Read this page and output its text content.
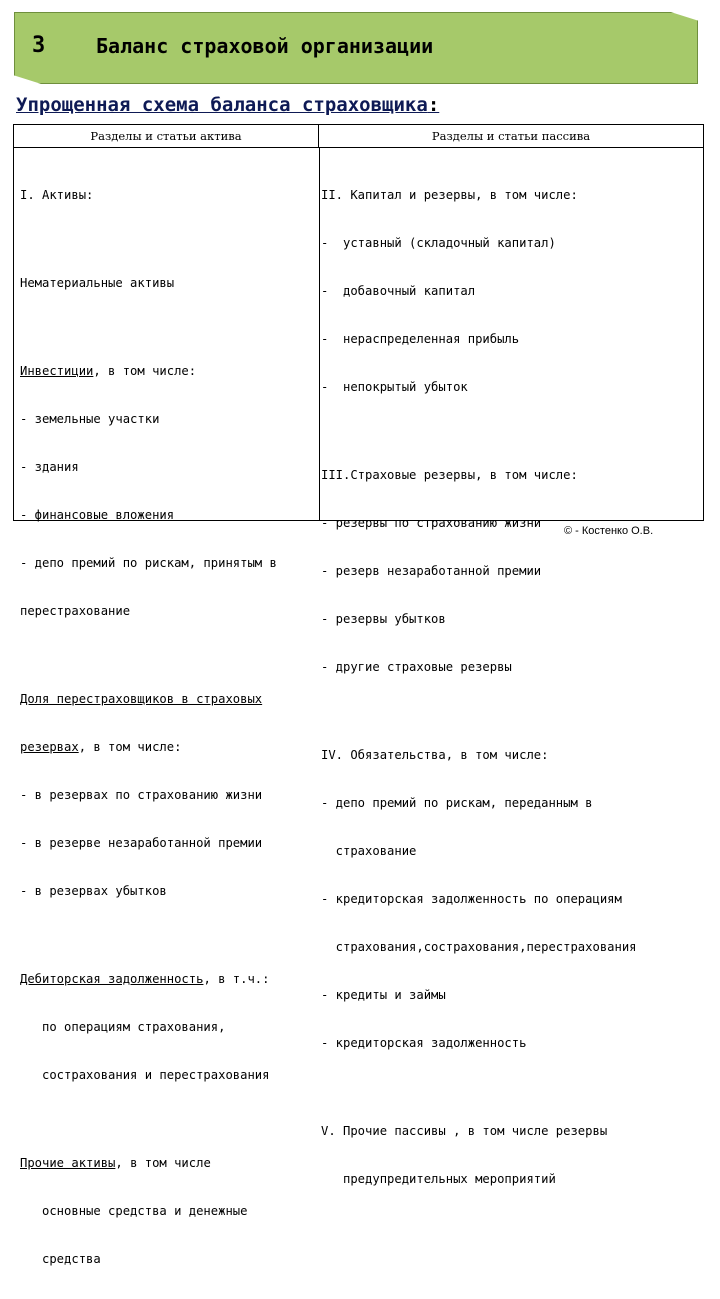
3	Баланс страховой организации
Упрощенная схема баланса страховщика:
Разделы и статьи актива	Разделы и статьи пассива

I. Активы:

Нематериальные активы

Инвестиции, в том числе:

- земельные участки

- здания

- финансовые вложения

- депо премий по рискам, принятым в

перестрахование

Доля перестраховщиков в страховых

резервах, в том числе:

- в резервах по страхованию жизни

- в резерве незаработанной премии

- в резервах убытков

Дебиторская задолженность, в т.ч.:

по операциям страхования,

сострахования и перестрахования

Прочие активы, в том числе

основные средства и денежные

средства

II. Капитал и резервы, в том числе:

-  уставный (складочный капитал)

-  добавочный капитал

-  нераспределенная прибыль

-  непокрытый убыток

III.Страховые резервы, в том числе:

- резервы по страхованию жизни

- резерв незаработанной премии

- резервы убытков

- другие страховые резервы

IV. Обязательства, в том числе:

- депо премий по рискам, переданным в

страхование

- кредиторская задолженность по операциям

страхования,сострахования,перестрахования

- кредиты и займы

- кредиторская задолженность

V. Прочие пассивы , в том числе резервы

предупредительных мероприятий

© - Костенко О.В.
